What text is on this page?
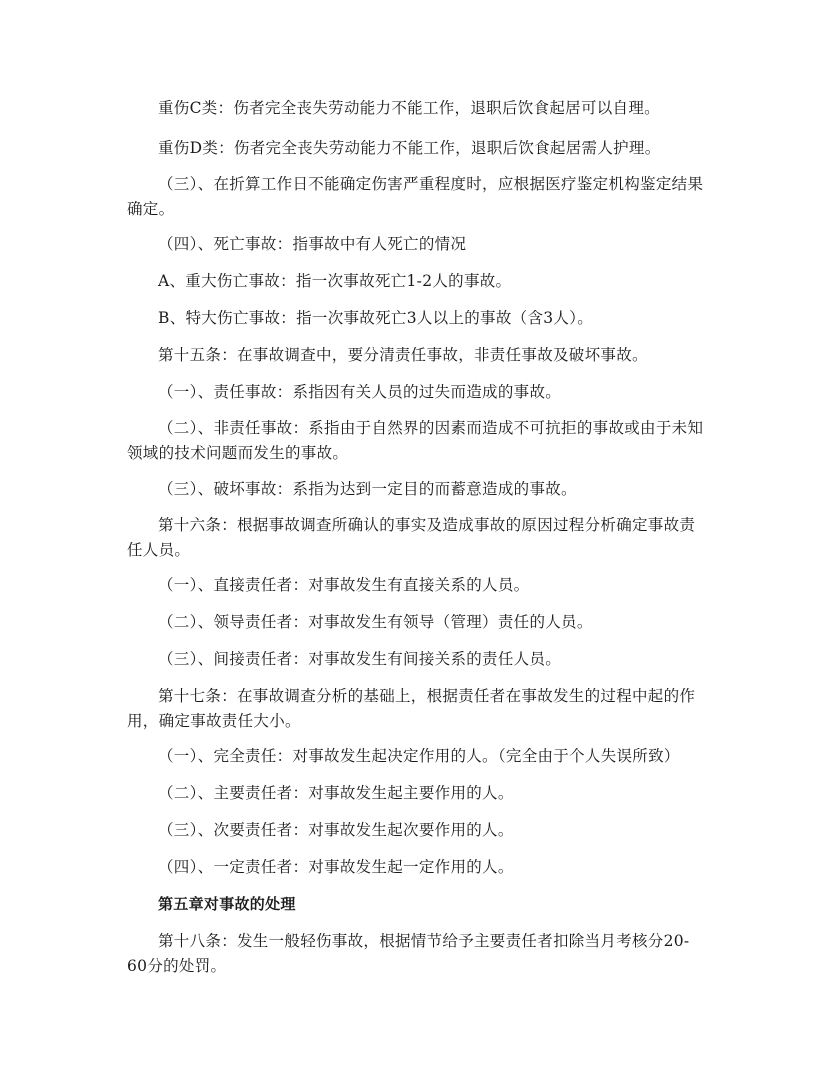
重伤C类：伤者完全丧失劳动能力不能工作，退职后饮食起居可以自理。

重伤D类：伤者完全丧失劳动能力不能工作，退职后饮食起居需人护理。

（三）、在折算工作日不能确定伤害严重程度时，应根据医疗鉴定机构鉴定结果确定。

（四）、死亡事故：指事故中有人死亡的情况

A、重大伤亡事故：指一次事故死亡1-2人的事故。

B、特大伤亡事故：指一次事故死亡3人以上的事故（含3人）。

第十五条：在事故调查中，要分清责任事故，非责任事故及破坏事故。

（一）、责任事故：系指因有关人员的过失而造成的事故。

（二）、非责任事故：系指由于自然界的因素而造成不可抗拒的事故或由于未知领域的技术问题而发生的事故。

（三）、破坏事故：系指为达到一定目的而蓄意造成的事故。

第十六条：根据事故调查所确认的事实及造成事故的原因过程分析确定事故责任人员。

（一）、直接责任者：对事故发生有直接关系的人员。

（二）、领导责任者：对事故发生有领导（管理）责任的人员。

（三）、间接责任者：对事故发生有间接关系的责任人员。

第十七条：在事故调查分析的基础上，根据责任者在事故发生的过程中起的作用，确定事故责任大小。

（一）、完全责任：对事故发生起决定作用的人。（完全由于个人失误所致）

（二）、主要责任者：对事故发生起主要作用的人。

（三）、次要责任者：对事故发生起次要作用的人。

（四）、一定责任者：对事故发生起一定作用的人。

第五章对事故的处理

第十八条：发生一般轻伤事故，根据情节给予主要责任者扣除当月考核分20-60分的处罚。
